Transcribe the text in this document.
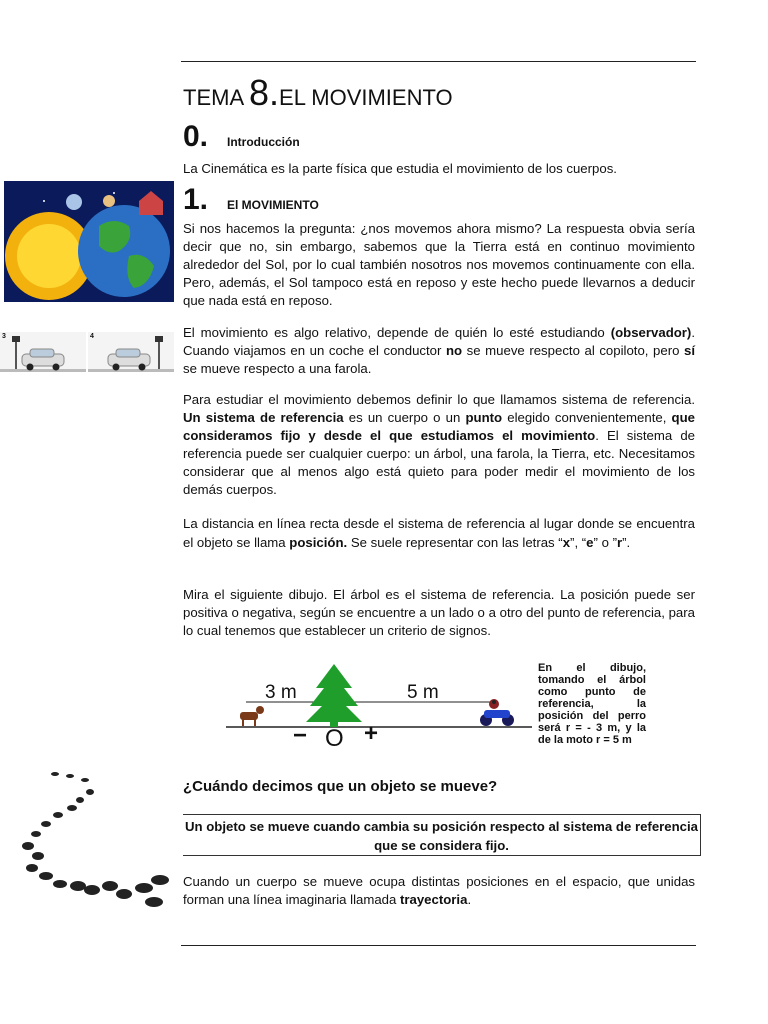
TEMA 8.EL MOVIMIENTO
0. Introducción
La Cinemática es la parte física que estudia el movimiento de los cuerpos.
1. El MOVIMIENTO
Si nos hacemos la pregunta: ¿nos movemos ahora mismo? La respuesta obvia sería decir que no, sin embargo, sabemos que la Tierra está en continuo movimiento alrededor del Sol, por lo cual también nosotros nos movemos continuamente con ella. Pero, además, el Sol tampoco está en reposo y este hecho puede llevarnos a deducir que nada está en reposo.
3	4	El movimiento es algo relativo, depende de quién lo esté estudiando (observador). Cuando viajamos en un coche el conductor no se mueve respecto al copiloto, pero sí se mueve respecto a una farola.
Para estudiar el movimiento debemos definir lo que llamamos sistema de referencia. Un sistema de referencia es un cuerpo o un punto elegido convenientemente, que consideramos fijo y desde el que estudiamos el movimiento. El sistema de referencia puede ser cualquier cuerpo: un árbol, una farola, la Tierra, etc. Necesitamos considerar que al menos algo está quieto para poder medir el movimiento de los demás cuerpos.
La distancia en línea recta desde el sistema de referencia al lugar donde se encuentra el objeto se llama posición. Se suele representar con las letras “x”, “e” o ”r”.
Mira el siguiente dibujo. El árbol es el sistema de referencia. La posición puede ser positiva o negativa, según se encuentre a un lado o a otro del punto de referencia, para lo cual tenemos que establecer un criterio de signos.
3 m	5 m
− O +
En el dibujo, tomando el árbol como punto de referencia, la posición del perro será r = - 3 m, y la de la moto r = 5 m
¿Cuándo decimos que un objeto se mueve?
Un objeto se mueve cuando cambia su posición respecto al sistema de referencia que se considera fijo.
Cuando un cuerpo se mueve ocupa distintas posiciones en el espacio, que unidas forman una línea imaginaria llamada trayectoria.
